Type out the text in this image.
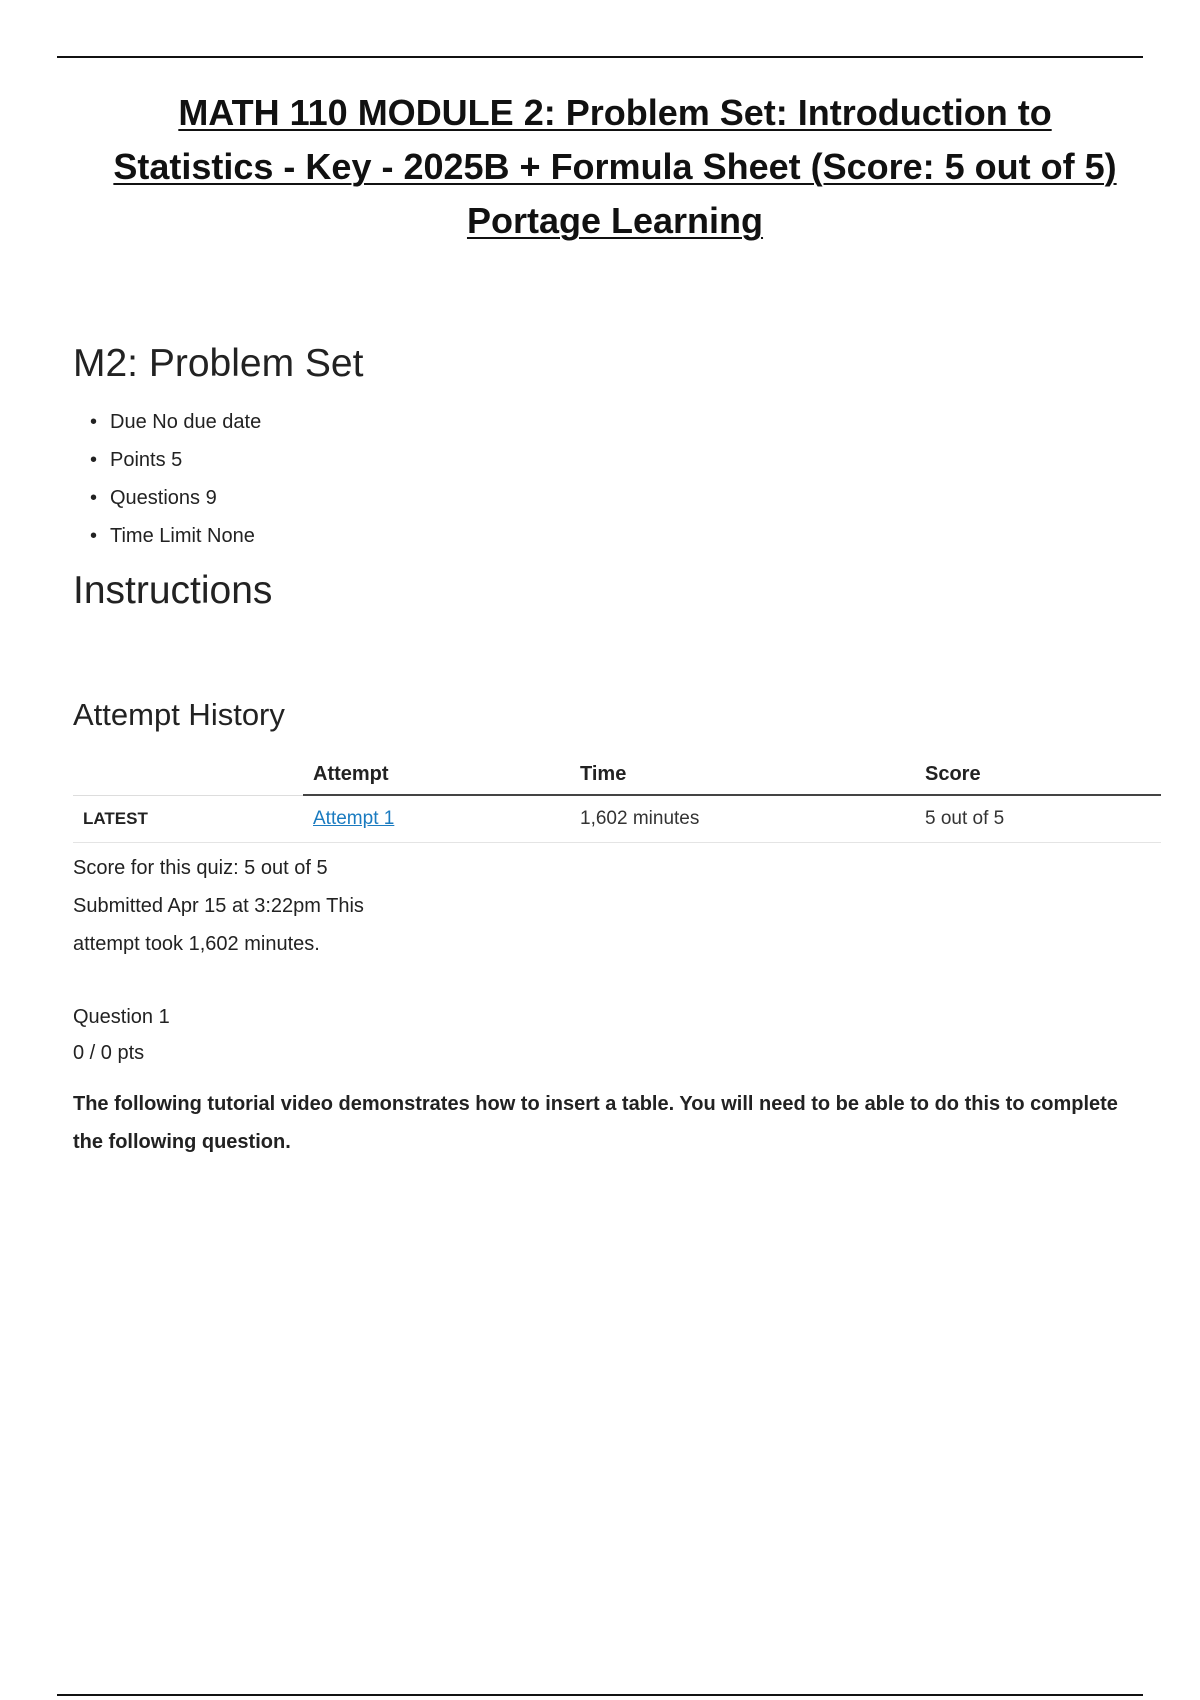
MATH 110 MODULE 2: Problem Set: Introduction to
Statistics - Key - 2025B + Formula Sheet (Score: 5 out of 5)
Portage Learning
M2: Problem Set
• Due No due date
• Points 5
• Questions 9
• Time Limit None
Instructions
Attempt History
	Attempt	Time	Score
LATEST	Attempt 1	1,602 minutes	5 out of 5
Score for this quiz: 5 out of 5
Submitted Apr 15 at 3:22pm This attempt took 1,602 minutes.
Question 1
0 / 0 pts
The following tutorial video demonstrates how to insert a table. You will need to be able to do this to complete the following question.
